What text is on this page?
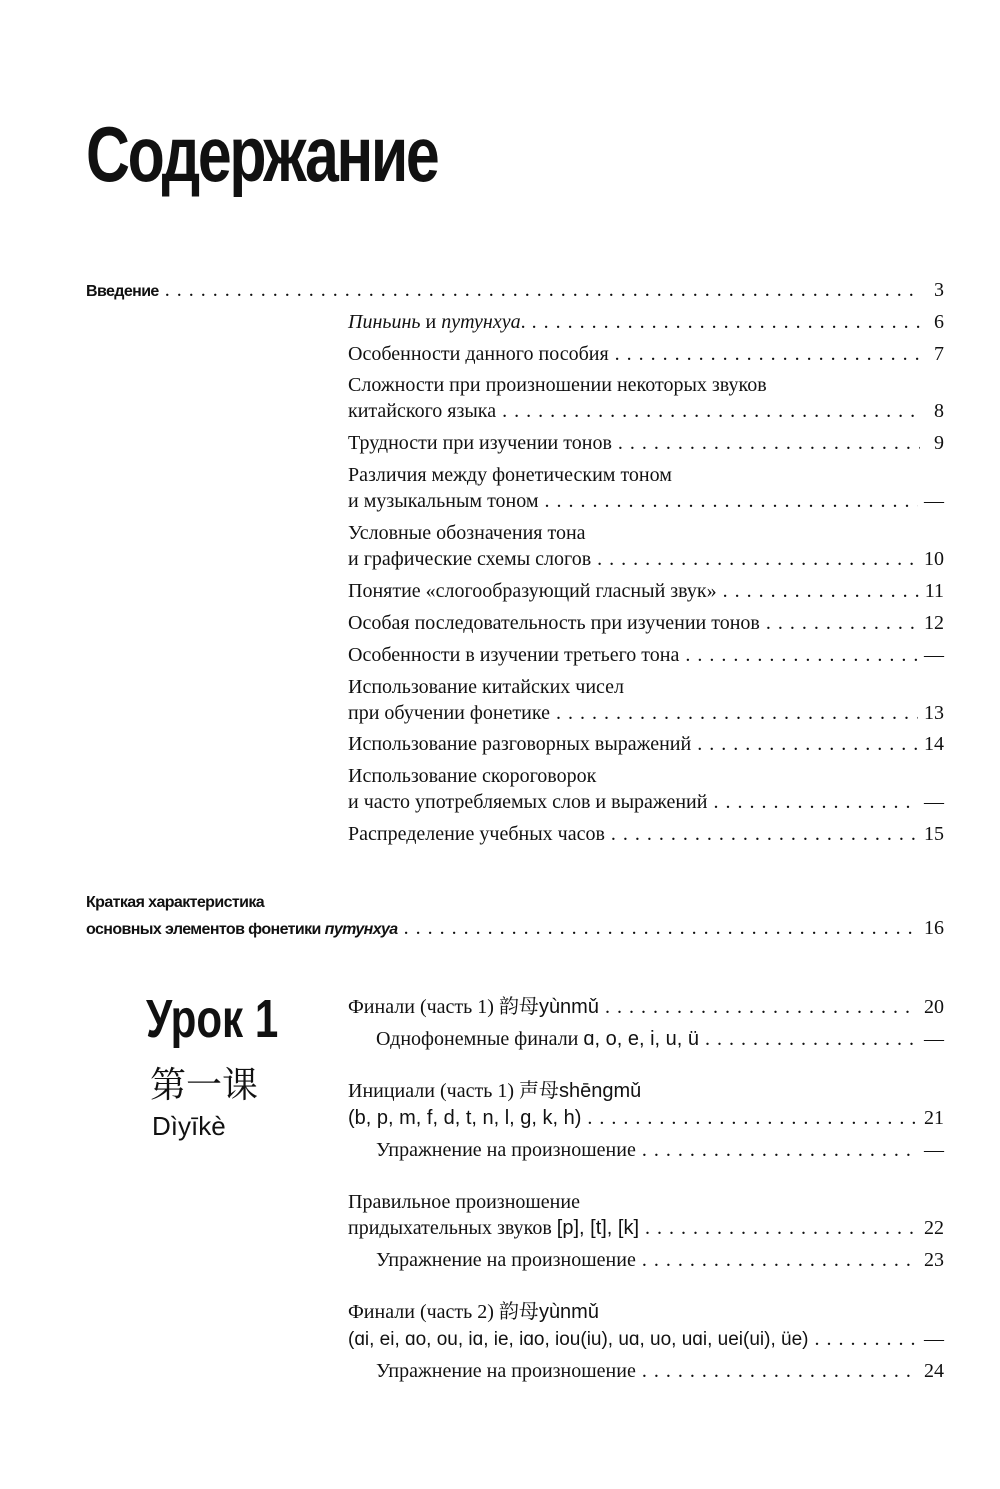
Содержание
Введение . . .	3
Пиньинь и путунхуа. . . .	6
Особенности данного пособия . . .	7
Сложности при произношении некоторых звуков
китайского языка . . .	8
Трудности при изучении тонов . . .	9
Различия между фонетическим тоном
и музыкальным тоном . . .	—
Условные обозначения тона
и графические схемы слогов . . .	10
Понятие «слогообразующий гласный звук» . . .	11
Особая последовательность при изучении тонов . . .	12
Особенности в изучении третьего тона . . .	—
Использование китайских чисел
при обучении фонетике . . .	13
Использование разговорных выражений . . .	14
Использование скороговорок
и часто употребляемых слов и выражений . . .	—
Распределение учебных часов . . .	15
Краткая характеристика
основных элементов фонетики путунхуа . . .	16
Урок 1
第一课
Dìyīkè
Финали (часть 1) 韵母yùnmǔ . . .	20
Однофонемные финали ɑ, o, e, i, u, ü . . .	—
Инициали (часть 1) 声母shēngmǔ
(b, p, m, f, d, t, n, l, g, k, h) . . .	21
Упражнение на произношение . . .	—
Правильное произношение
придыхательных звуков [p], [t], [k] . . .	22
Упражнение на произношение . . .	23
Финали (часть 2) 韵母yùnmǔ
(ɑi, ei, ɑo, ou, iɑ, ie, iɑo, iou(iu), uɑ, uo, uɑi, uei(ui), üe) . . .	—
Упражнение на произношение . . .	24
